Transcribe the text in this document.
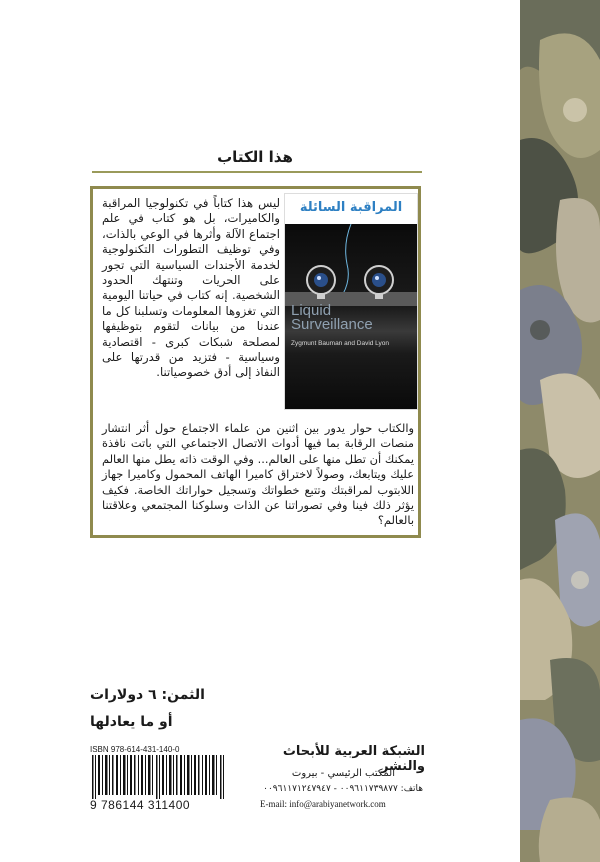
هذا الكتاب
المراقبة السائلة
Liquid
Surveillance
Zygmunt Bauman and David Lyon
ليس هذا كتاباً في تكنولوجيا المراقبة والكاميرات، بل هو كتاب في علم اجتماع الآلة وأثرها في الوعي بالذات، وفي توظيف التطورات التكنولوجية لخدمة الأجندات السياسية التي تجور على الحريات وتنتهك الحدود الشخصية. إنه كتاب في حياتنا اليومية التي تغزوها المعلومات وتسلبنا كل ما عندنا من بيانات لتقوم بتوظيفها لمصلحة شبكات كبرى - اقتصادية وسياسية - فتزيد من قدرتها على النفاذ إلى أدق خصوصياتنا.
والكتاب حوار يدور بين اثنين من علماء الاجتماع حول أثر انتشار منصات الرقابة بما فيها أدوات الاتصال الاجتماعي التي باتت نافذة يمكنك أن تطل منها على العالم... وفي الوقت ذاته يطل منها العالم عليك ويتابعك، وصولاً لاختراق كاميرا الهاتف المحمول وكاميرا جهاز اللابتوب لمراقبتك وتتبع خطواتك وتسجيل حواراتك الخاصة. فكيف يؤثر ذلك فينا وفي تصوراتنا عن الذات وسلوكنا المجتمعي وعلاقتنا بالعالم؟
الثمن: ٦ دولارات
أو ما يعادلها
الشبكة العربية للأبحاث والنشر
المكتب الرئيسي - بيروت
هاتف: ٠٠٩٦١١٧٣٩٨٧٧ - ٠٠٩٦١١٧١٢٤٧٩٤٧
E-mail: info@arabiyanetwork.com
ISBN 978-614-431-140-0
9 786144 311400
